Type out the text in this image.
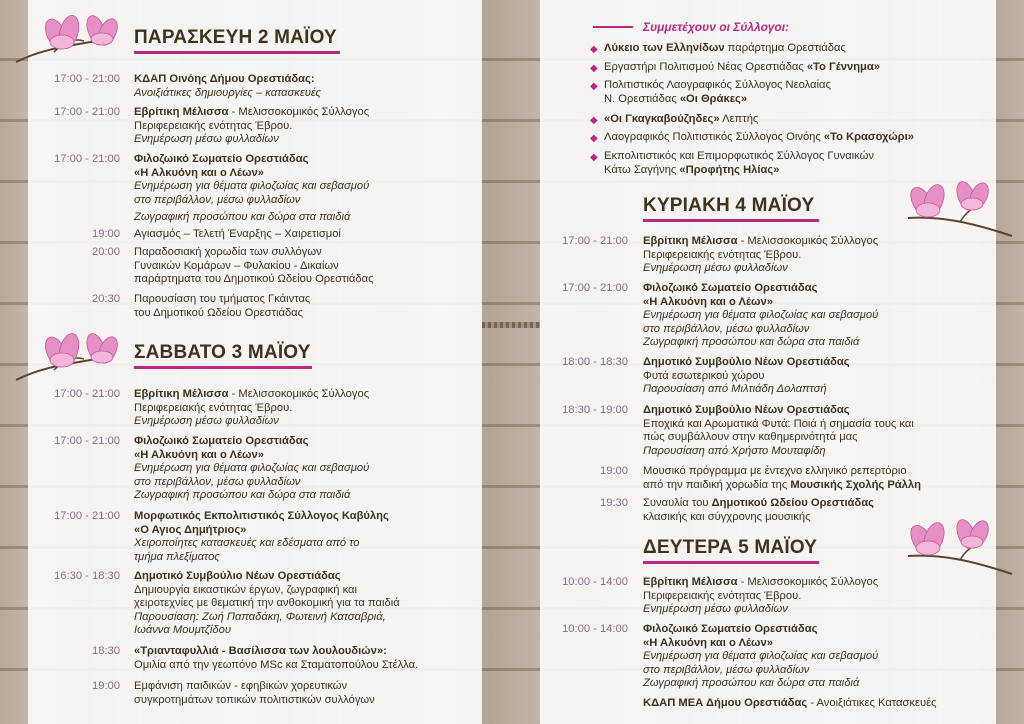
ΠΑΡΑΣΚΕΥΗ 2 ΜΑΪΟΥ
ΣΑΒΒΑΤΟ 3 ΜΑΪΟΥ
ΚΥΡΙΑΚΗ 4 ΜΑΪΟΥ
ΔΕΥΤΕΡΑ 5 ΜΑΪΟΥ
Συμμετέχουν οι Σύλλογοι:
◆ Λύκειο των Ελληνίδων παράρτημα Ορεστιάδας
◆ Εργαστήρι Πολιτισμού Νέας Ορεστιάδας «Το Γέννημα»
◆ Πολιτιστικός Λαογραφικός Σύλλογος Νεολαίας
Ν. Ορεστιάδας «Οι Θράκες»
◆ «Οι Γκαγκαβούζηδες» Λεπτής
◆ Λαογραφικός Πολιτιστικός Σύλλογος Οινόης «Το Κρασοχώρι»
◆ Εκπολιτιστικός και Επιμορφωτικός Σύλλογος Γυναικών
Κάτω Σαγήνης «Προφήτης Ηλίας»
17:00 - 21:00 ΚΔΑΠ Οινόης Δήμου Ορεστιάδας:
Ανοιξιάτικες δημιουργίες – κατασκευές
17:00 - 21:00 Εβρίτικη Μέλισσα - Μελισσοκομικός Σύλλογος
Περιφερειακής ενότητας Έβρου.
Ενημέρωση μέσω φυλλαδίων
17:00 - 21:00 Φιλοζωικό Σωματείο Ορεστιάδας
«Η Αλκυόνη και ο Λέων»
Ενημέρωση για θέματα φιλοζωίας και σεβασμού
στο περιβάλλον, μέσω φυλλαδίων
Ζωγραφική προσώπου και δώρα στα παιδιά
19:00 Αγιασμός – Τελετή Έναρξης – Χαιρετισμοί
20:00 Παραδοσιακή χορωδία των συλλόγων
Γυναικών Κομάρων – Φυλακίου - Δικαίων
παράρτηματα του Δημοτικού Ωδείου Ορεστιάδας
20:30 Παρουσίαση του τμήματος Γκάιντας
του Δημοτικού Ωδείου Ορεστιάδας
17:00 - 21:00 Εβρίτικη Μέλισσα - Μελισσοκομικός Σύλλογος
Περιφερειακής ενότητας Έβρου.
Ενημέρωση μέσω φυλλαδίων
17:00 - 21:00 Φιλοζωικό Σωματείο Ορεστιάδας
«Η Αλκυόνη και ο Λέων»
Ενημέρωση για θέματα φιλοζωίας και σεβασμού
στο περιβάλλον, μέσω φυλλαδίων
Ζωγραφική προσώπου και δώρα στα παιδιά
17:00 - 21:00 Μορφωτικός Εκπολιτιστικός Σύλλογος Καβύλης
«Ο Αγιος Δημήτριος»
Χειροποίητες κατασκευές και εδέσματα από το
τμήμα πλεξίματος
16:30 - 18:30 Δημοτικό Συμβούλιο Νέων Ορεστιάδας
Δημιουργία εικαστικών έργων, ζωγραφική και
χειροτεχνίες με θεματική την ανθοκομική για τα παιδιά
Παρουσίαση: Ζωή Παπαδάκη, Φωτεινή Κατσαβριά,
Ιωάννα Μουμτζίδου
18:30 «Τριανταφυλλιά - Βασίλισσα των λουλουδιών»:
Ομιλία από την γεωπόνο MSc κα Σταματοπούλου Στέλλα.
19:00 Εμφάνιση παιδικών - εφηβικών χορευτικών
συγκροτημάτων τοπικών πολιτιστικών συλλόγων
17:00 - 21:00 Εβρίτικη Μέλισσα - Μελισσοκομικός Σύλλογος
Περιφερειακής ενότητας Έβρου.
Ενημέρωση μέσω φυλλαδίων
17:00 - 21:00 Φιλοζωικό Σωματείο Ορεστιάδας
«Η Αλκυόνη και ο Λέων»
Ενημέρωση για θέματα φιλοζωίας και σεβασμού
στο περιβάλλον, μέσω φυλλαδίων
Ζωγραφική προσώπου και δώρα στα παιδιά
18:00 - 18:30 Δημοτικό Συμβούλιο Νέων Ορεστιάδας
Φυτά εσωτερικού χώρου
Παρουσίαση από Μιλτιάδη Δολαπτσή
18:30 - 19:00 Δημοτικό Συμβούλιο Νέων Ορεστιάδας
Εποχικά και Αρωματικά Φυτά: Ποιά ή σημασία τους και
πώς συμβάλλουν στην καθημερινότητά μας
Παρουσίαση από Χρήστο Μουταφίδη
19:00 Μουσικό πρόγραμμα με έντεχνο ελληνικό ρεπερτόριο
από την παιδική χορωδία της Μουσικής Σχολής Ράλλη
19:30 Συναυλία του Δημοτικού Ωδείου Ορεστιάδας
κλασικής και σύγχρονης μουσικής
10:00 - 14:00 Εβρίτικη Μέλισσα - Μελισσοκομικός Σύλλογος
Περιφερειακής ενότητας Έβρου.
Ενημέρωση μέσω φυλλαδίων
10:00 - 14:00 Φιλοζωικό Σωματείο Ορεστιάδας
«Η Αλκυόνη και ο Λέων»
Ενημέρωση για θέματα φιλοζωίας και σεβασμού
στο περιβάλλον, μέσω φυλλαδίων
Ζωγραφική προσώπου και δώρα στα παιδιά
ΚΔΑΠ ΜΕΑ Δήμου Ορεστιάδας - Ανοιξιάτικες Κατασκευές
